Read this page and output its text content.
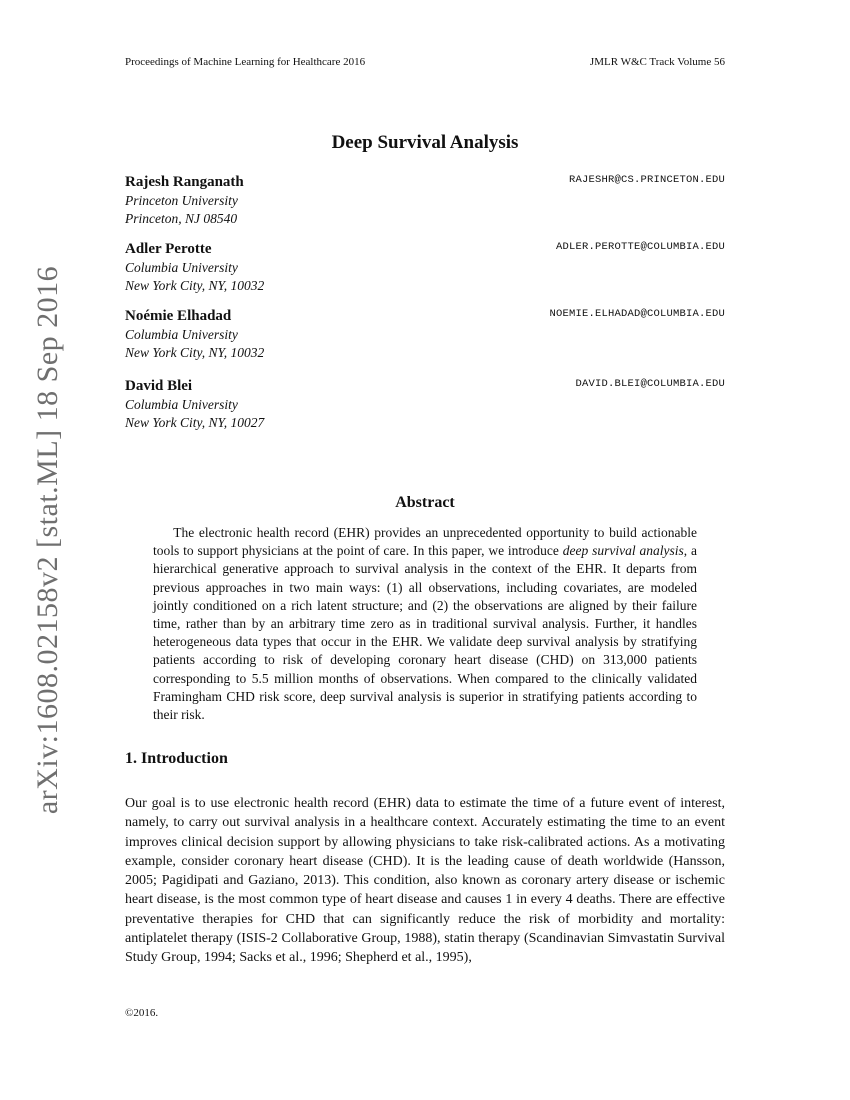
Proceedings of Machine Learning for Healthcare 2016	JMLR W&C Track Volume 56
arXiv:1608.02158v2 [stat.ML] 18 Sep 2016
Deep Survival Analysis
Rajesh Ranganath	RAJESHR@CS.PRINCETON.EDU
Princeton University
Princeton, NJ 08540
Adler Perotte	ADLER.PEROTTE@COLUMBIA.EDU
Columbia University
New York City, NY, 10032
Noémie Elhadad	NOEMIE.ELHADAD@COLUMBIA.EDU
Columbia University
New York City, NY, 10032
David Blei	DAVID.BLEI@COLUMBIA.EDU
Columbia University
New York City, NY, 10027
Abstract
The electronic health record (EHR) provides an unprecedented opportunity to build actionable tools to support physicians at the point of care. In this paper, we introduce deep survival analysis, a hierarchical generative approach to survival analysis in the context of the EHR. It departs from previous approaches in two main ways: (1) all observations, including covariates, are modeled jointly conditioned on a rich latent structure; and (2) the observations are aligned by their failure time, rather than by an arbitrary time zero as in traditional survival analysis. Further, it handles heterogeneous data types that occur in the EHR. We validate deep survival analysis by stratifying patients according to risk of developing coronary heart disease (CHD) on 313,000 patients corresponding to 5.5 million months of observations. When compared to the clinically validated Framingham CHD risk score, deep survival analysis is superior in stratifying patients according to their risk.
1. Introduction
Our goal is to use electronic health record (EHR) data to estimate the time of a future event of interest, namely, to carry out survival analysis in a healthcare context. Accurately estimating the time to an event improves clinical decision support by allowing physicians to take risk-calibrated actions. As a motivating example, consider coronary heart disease (CHD). It is the leading cause of death worldwide (Hansson, 2005; Pagidipati and Gaziano, 2013). This condition, also known as coronary artery disease or ischemic heart disease, is the most common type of heart disease and causes 1 in every 4 deaths. There are effective preventative therapies for CHD that can significantly reduce the risk of morbidity and mortality: antiplatelet therapy (ISIS-2 Collaborative Group, 1988), statin therapy (Scandinavian Simvastatin Survival Study Group, 1994; Sacks et al., 1996; Shepherd et al., 1995),
©2016.
